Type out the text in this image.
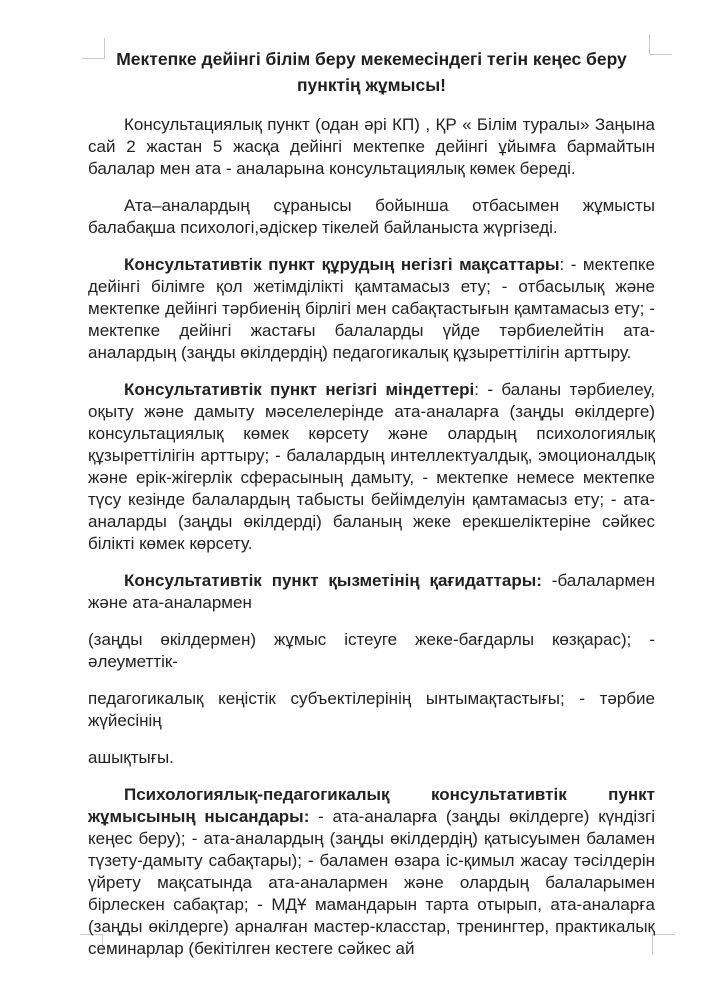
Мектепке дейінгі білім беру мекемесіндегі тегін кеңес беру пунктің жұмысы!

Консультациялық пункт (одан әрі КП) , ҚР « Білім туралы» Заңына сай 2 жастан 5 жасқа дейінгі мектепке дейінгі ұйымға бармайтын балалар мен ата - аналарына консультациялық көмек береді.

Ата–аналардың сұранысы бойынша отбасымен жұмысты балабақша психологі,әдіскер тікелей байланыста жүргізеді.

Консультативтік пункт құрудың негізгі мақсаттары: - мектепке дейінгі білімге қол жетімділікті қамтамасыз ету; - отбасылық және мектепке дейінгі тәрбиенің бірлігі мен сабақтастығын қамтамасыз ету; - мектепке дейінгі жастағы балаларды үйде тәрбиелейтін ата-аналардың (заңды өкілдердің) педагогикалық құзыреттілігін арттыру.

Консультативтік пункт негізгі міндеттері: - баланы тәрбиелеу, оқыту және дамыту мәселелерінде ата-аналарға (заңды өкілдерге) консультациялық көмек көрсету және олардың психологиялық құзыреттілігін арттыру; - балалардың интеллектуалдық, эмоционалдық және ерік-жігерлік сферасының дамыту, - мектепке немесе мектепке түсу кезінде балалардың табысты бейімделуін қамтамасыз ету; - ата-аналарды (заңды өкілдерді) баланың жеке ерекшеліктеріне сәйкес білікті көмек көрсету.

Консультативтік пункт қызметінің қағидаттары: -балалармен және ата-аналармен

(заңды өкілдермен) жұмыс істеуге жеке-бағдарлы көзқарас); - әлеуметтік-

педагогикалық кеңістік субъектілерінің ынтымақтастығы; - тәрбие жүйесінің

ашықтығы.

Психологиялық-педагогикалық консультативтік пункт жұмысының нысандары: - ата-аналарға (заңды өкілдерге) күндізгі кеңес беру); - ата-аналардың (заңды өкілдердің) қатысуымен баламен түзету-дамыту сабақтары); - баламен өзара іс-қимыл жасау тәсілдерін үйрету мақсатында ата-аналармен және олардың балаларымен бірлескен сабақтар; - МДҰ мамандарын тарта отырып, ата-аналарға (заңды өкілдерге) арналған мастер-класстар, тренингтер, практикалық семинарлар (бекітілген кестеге сәйкес ай
